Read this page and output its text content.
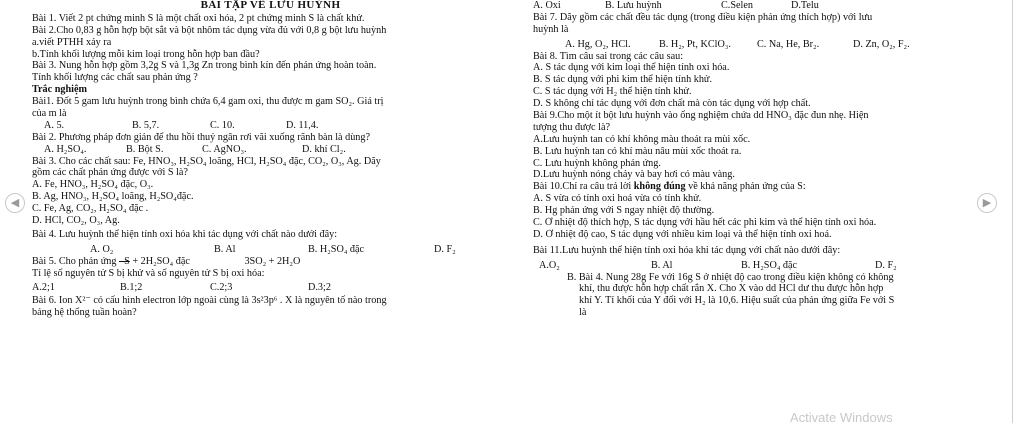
BÀI TẬP VỀ LƯU HUỲNH
Bài 1. Viết 2 pt chứng minh S là một chất oxi hóa, 2 pt chứng minh S là chất khử.
Bài 2.Cho 0,83 g hỗn hợp bột sắt và bột nhôm tác dụng vừa đủ với 0,8 g bột lưu huỳnh
a.viết PTHH xảy ra
b.Tính khối lượng mỗi kim loại trong hỗn hợp ban đầu?
Bài 3. Nung hỗn hợp gồm 3,2g S và 1,3g Zn trong bình kín đến phản ứng hoàn toàn.
Tính khối lượng các chất sau phản ứng ?
Trắc nghiệm
Bài1. Đốt 5 gam lưu huỳnh trong bình chứa 6,4 gam oxi, thu được m gam SO₂. Giá trị
của m là
A. 5.	B. 5,7.	C. 10.	D. 11,4.
Bài 2. Phương pháp đơn giản để thu hồi thuỷ ngân rơi vãi xuống rãnh bàn là dùng?
A. H₂SO₄.	B. Bột S.	C. AgNO₃.	D. khí Cl₂.
Bài 3. Cho các chất sau: Fe, HNO₃, H₂SO₄ loãng, HCl, H₂SO₄ đặc, CO₂, O₃, Ag. Dãy
gồm các chất phản ứng được với S là?
A. Fe, HNO₃, H₂SO₄ đặc, O₃.
B. Ag, HNO₃, H₂SO₄ loãng, H₂SO₄đặc.
C. Fe, Ag, CO₂, H₂SO₄ đặc .
D. HCl, CO₂, O₃, Ag.
Bài 4. Lưu huỳnh thể hiện tính oxi hóa khi tác dụng với chất nào dưới đây:
A. O₂	B. Al	B. H₂SO₄ đặc	D. F₂
Bài 5. Cho phản ứng –S + 2H₂SO₄ đặc	3SO₂ + 2H₂O
Tỉ lệ số nguyên tử S bị khử và số nguyên tử S bị oxi hóa:
A.2;1	B.1;2	C.2;3	D.3;2
Bài 6. Ion X²⁻ có cấu hình electron lớp ngoài cùng là 3s²3p⁶ . X là nguyên tố nào trong
bảng hệ thống tuần hoàn?
A. Oxi	B. Lưu huỳnh	C.Selen	D.Telu
Bài 7. Dãy gồm các chất đều tác dụng (trong điều kiện phản ứng thích hợp) với lưu
huỳnh là
A. Hg, O₂, HCl.	B. H₂, Pt, KClO₃.	C. Na, He, Br₂.	D. Zn, O₂, F₂.
Bài 8. Tìm câu sai trong các câu sau:
A. S tác dụng với kim loại thể hiện tính oxi hóa.
B. S tác dụng với phi kim thể hiện tính khử.
C. S tác dụng với H₂ thể hiện tính khử.
D. S không chỉ tác dụng với đơn chất mà còn tác dụng với hợp chất.
Bài 9.Cho một ít bột lưu huỳnh vào ống nghiệm chứa dd HNO₃ đặc đun nhẹ. Hiện
tượng thu được là?
A.Lưu huỳnh tan có khí không màu thoát ra mùi xốc.
B. Lưu huỳnh tan có khí màu nâu mùi xốc thoát ra.
C. Lưu huỳnh không phản ứng.
D.Lưu huỳnh nóng chảy và bay hơi có màu vàng.
Bài 10.Chỉ ra câu trả lời không đúng về khả năng phản ứng của S:
A. S vừa có tính oxi hoá vừa có tính khử.
B. Hg phản ứng với S ngay nhiệt độ thường.
C. Ở nhiệt độ thích hợp, S tác dụng với hầu hết các phi kim và thể hiện tính oxi hóa.
D. Ở nhiệt độ cao, S tác dụng với nhiều kim loại và thể hiện tính oxi hoá.
Bài 11.Lưu huỳnh thể hiện tính oxi hóa khi tác dụng với chất nào dưới đây:
A.O₂	B. Al	B. H₂SO₄ đặc	D. F₂
B. Bài 4. Nung 28g Fe với 16g S ở nhiệt độ cao trong điều kiện không có không
khí, thu được hỗn hợp chất rắn X. Cho X vào dd HCl dư thu được hỗn hợp
khí Y. Tỉ khối của Y đối với H₂ là 10,6. Hiệu suất của phản ứng giữa Fe với S
là
◀	▶
Activate Windows
